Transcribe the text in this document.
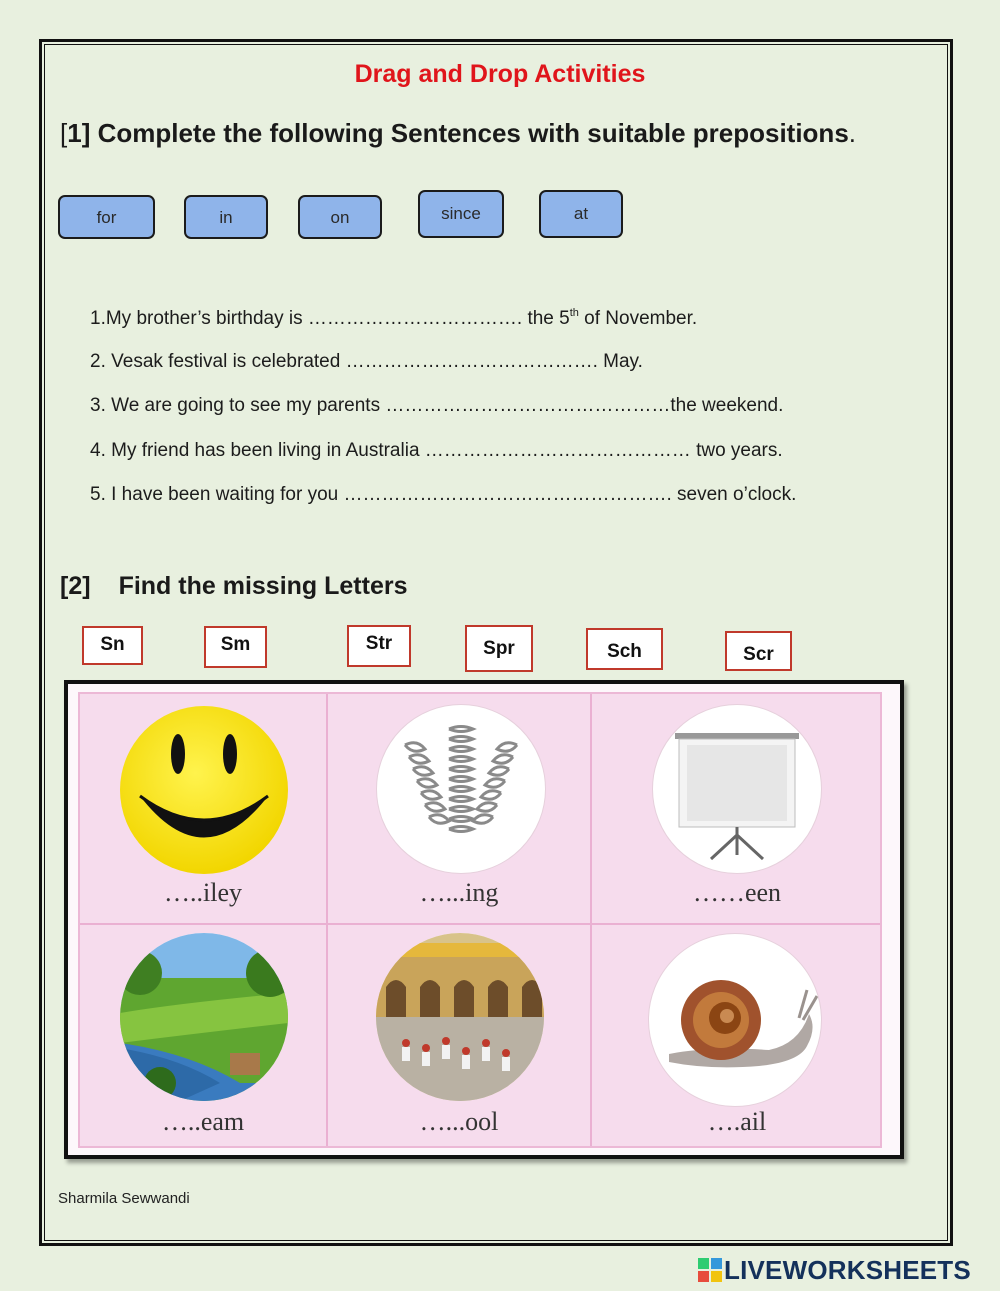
Drag and Drop Activities
[1] Complete the following Sentences with suitable prepositions.
for	in	on	since	at
1.My brother’s birthday is ……………………………. the 5th of November.
2. Vesak festival is celebrated …………………………………. May.
3. We are going to see my parents ………………………………………the weekend.
4. My friend has been living in Australia …………………………………… two years.
5. I have been waiting for you ……………………………………………. seven o’clock.
[2] Find the missing Letters
Sn	Sm	Str	Spr	Sch	Scr
…..iley	…...ing	……een
…..eam	…...ool	….ail
Sharmila Sewwandi
LIVEWORKSHEETS
